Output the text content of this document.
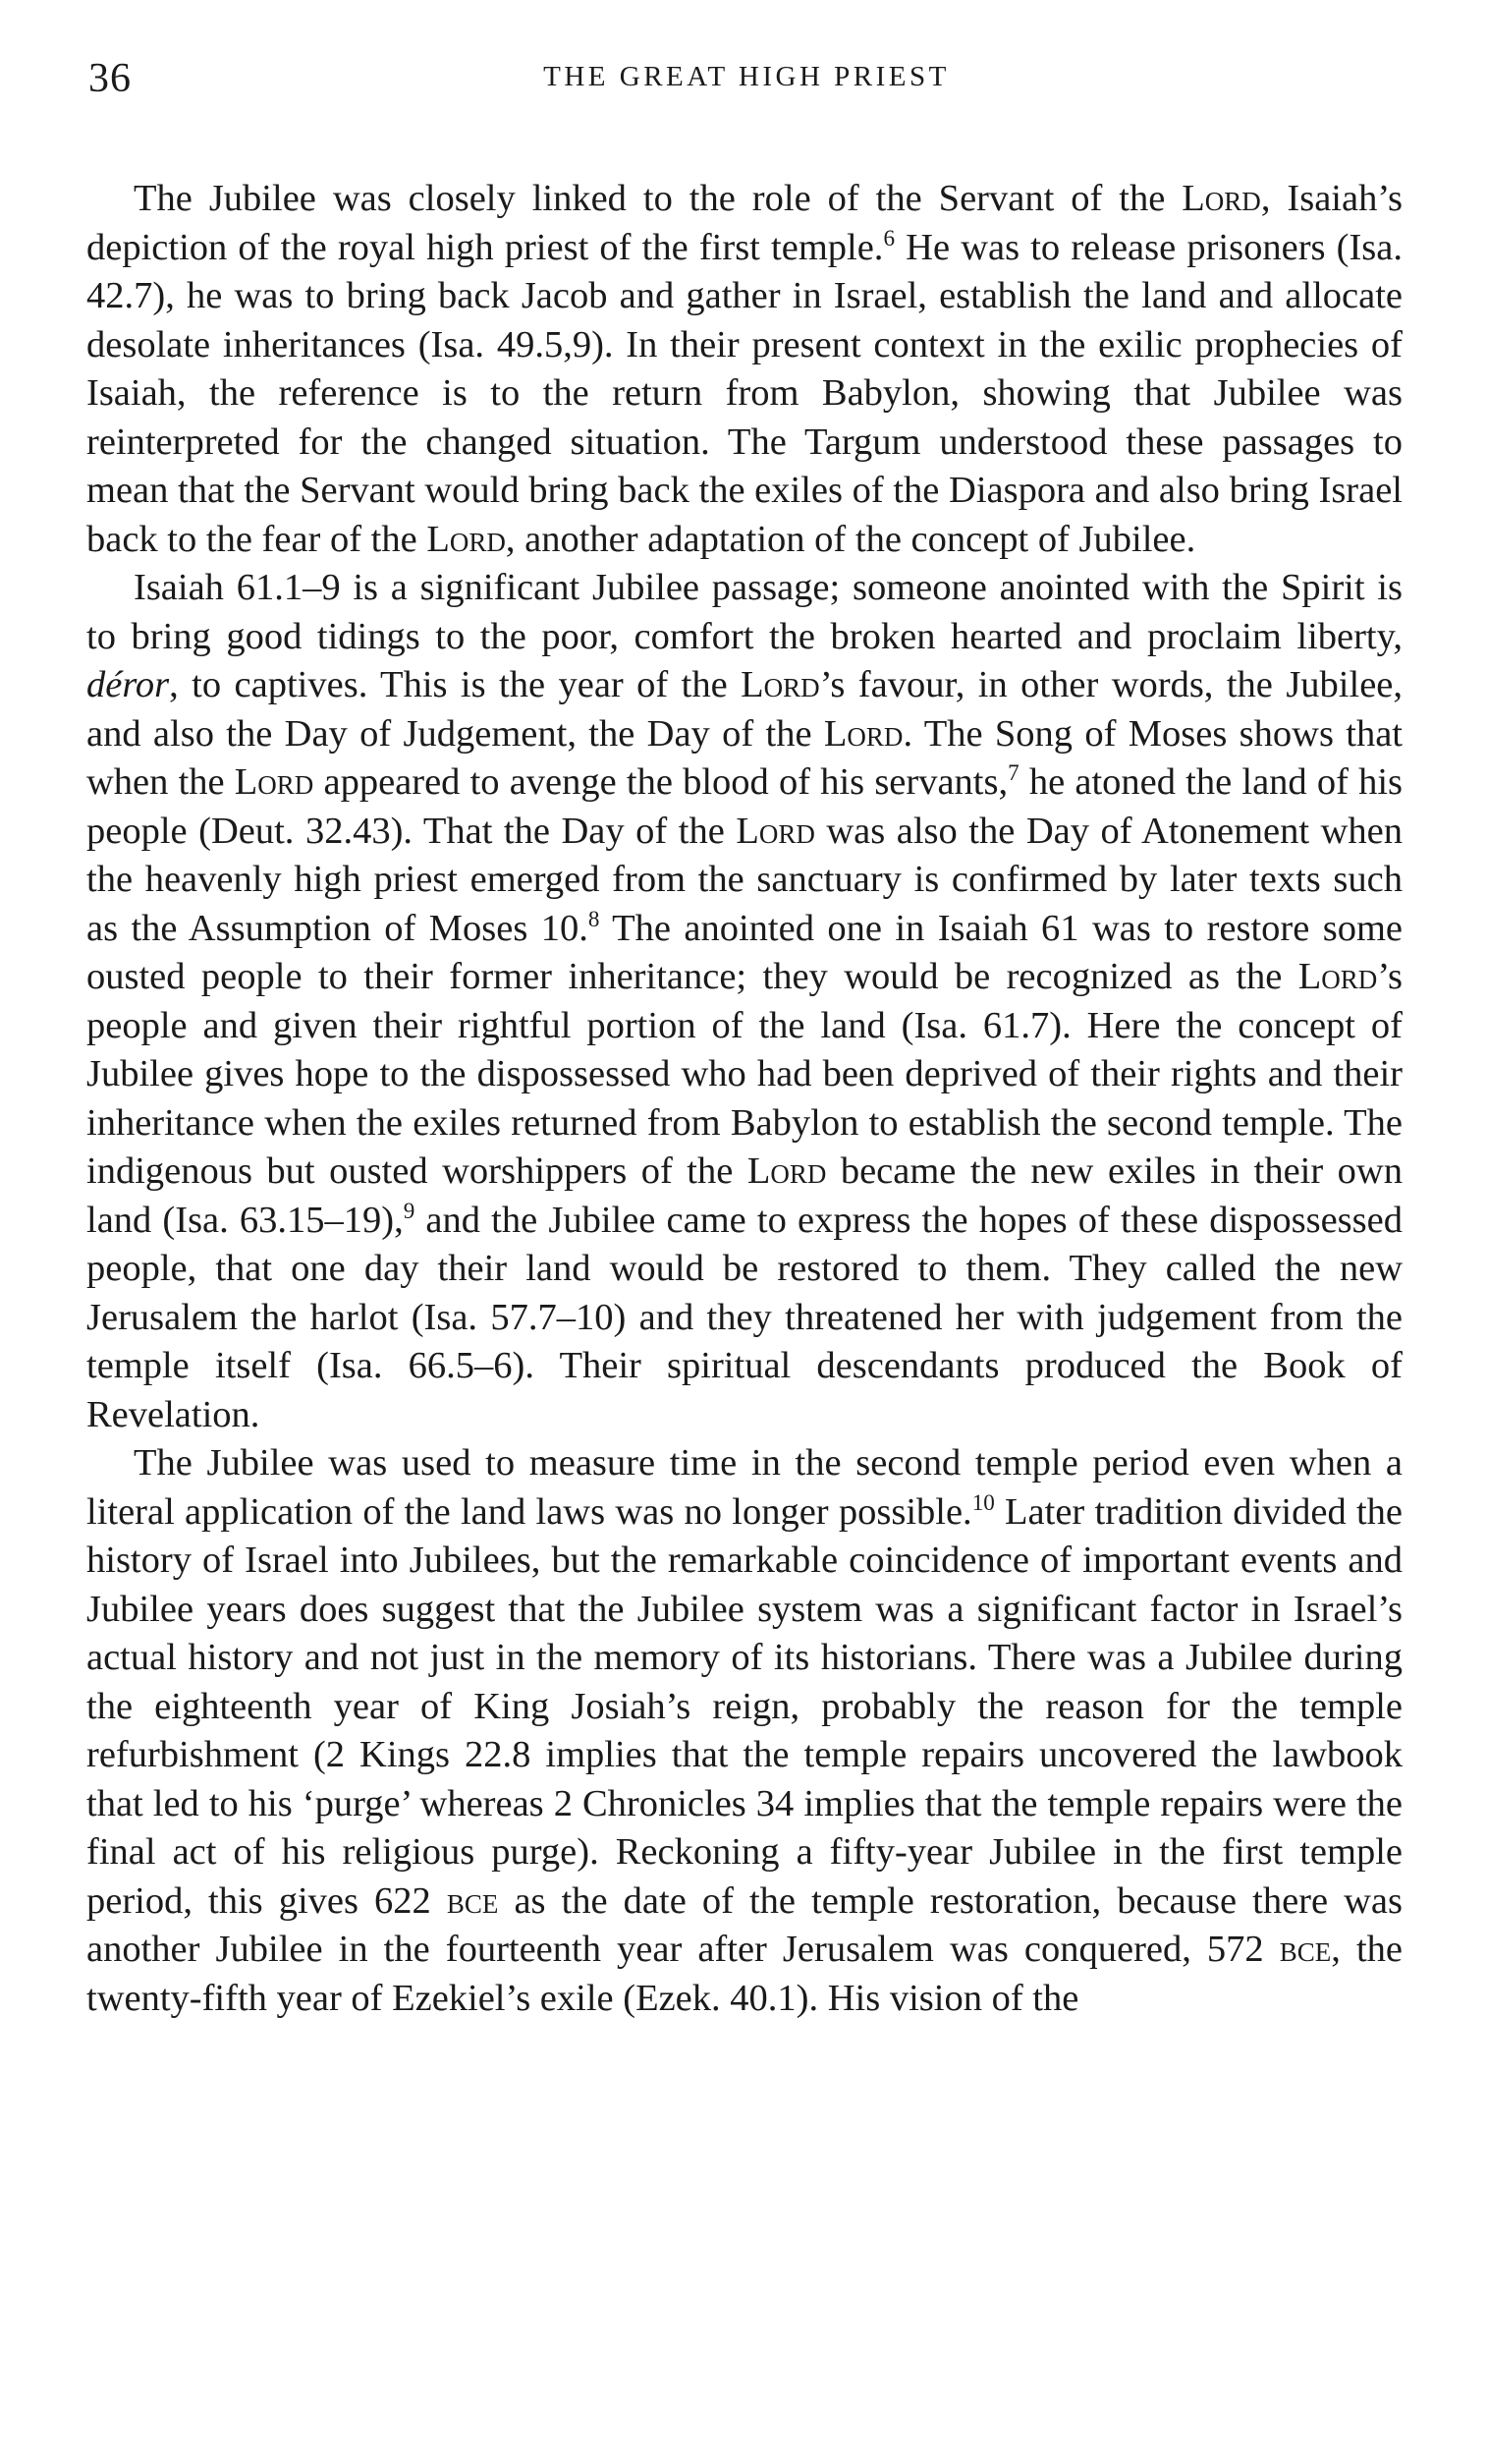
36	THE GREAT HIGH PRIEST

The Jubilee was closely linked to the role of the Servant of the Lord, Isaiah’s depiction of the royal high priest of the first temple.$^6$ He was to release prisoners (Isa. 42.7), he was to bring back Jacob and gather in Israel, establish the land and allocate desolate inheritances (Isa. 49.5,9). In their present context in the exilic prophecies of Isaiah, the reference is to the return from Babylon, showing that Jubilee was reinterpreted for the changed situation. The Targum understood these passages to mean that the Servant would bring back the exiles of the Diaspora and also bring Israel back to the fear of the Lord, another adaptation of the concept of Jubilee.

Isaiah 61.1–9 is a significant Jubilee passage; someone anointed with the Spirit is to bring good tidings to the poor, comfort the broken hearted and proclaim liberty, déror, to captives. This is the year of the Lord’s favour, in other words, the Jubilee, and also the Day of Judgement, the Day of the Lord. The Song of Moses shows that when the Lord appeared to avenge the blood of his servants,$^7$ he atoned the land of his people (Deut. 32.43). That the Day of the Lord was also the Day of Atonement when the heavenly high priest emerged from the sanctuary is confirmed by later texts such as the Assumption of Moses 10.$^8$ The anointed one in Isaiah 61 was to restore some ousted people to their former inheritance; they would be recognized as the Lord’s people and given their rightful portion of the land (Isa. 61.7). Here the concept of Jubilee gives hope to the dispossessed who had been deprived of their rights and their inheritance when the exiles returned from Babylon to establish the second temple. The indigenous but ousted worshippers of the Lord became the new exiles in their own land (Isa. 63.15–19),$^9$ and the Jubilee came to express the hopes of these dispossessed people, that one day their land would be restored to them. They called the new Jerusalem the harlot (Isa. 57.7–10) and they threatened her with judgement from the temple itself (Isa. 66.5–6). Their spiritual descendants produced the Book of Revelation.

The Jubilee was used to measure time in the second temple period even when a literal application of the land laws was no longer possible.$^{10}$ Later tradition divided the history of Israel into Jubilees, but the remarkable coincidence of important events and Jubilee years does suggest that the Jubilee system was a significant factor in Israel’s actual history and not just in the memory of its historians. There was a Jubilee during the eighteenth year of King Josiah’s reign, probably the reason for the temple refurbishment (2 Kings 22.8 implies that the temple repairs uncovered the lawbook that led to his ‘purge’ whereas 2 Chronicles 34 implies that the temple repairs were the final act of his religious purge). Reckoning a fifty-year Jubilee in the first temple period, this gives 622 bce as the date of the temple restoration, because there was another Jubilee in the fourteenth year after Jerusalem was conquered, 572 bce, the twenty-fifth year of Ezekiel’s exile (Ezek. 40.1). His vision of the
